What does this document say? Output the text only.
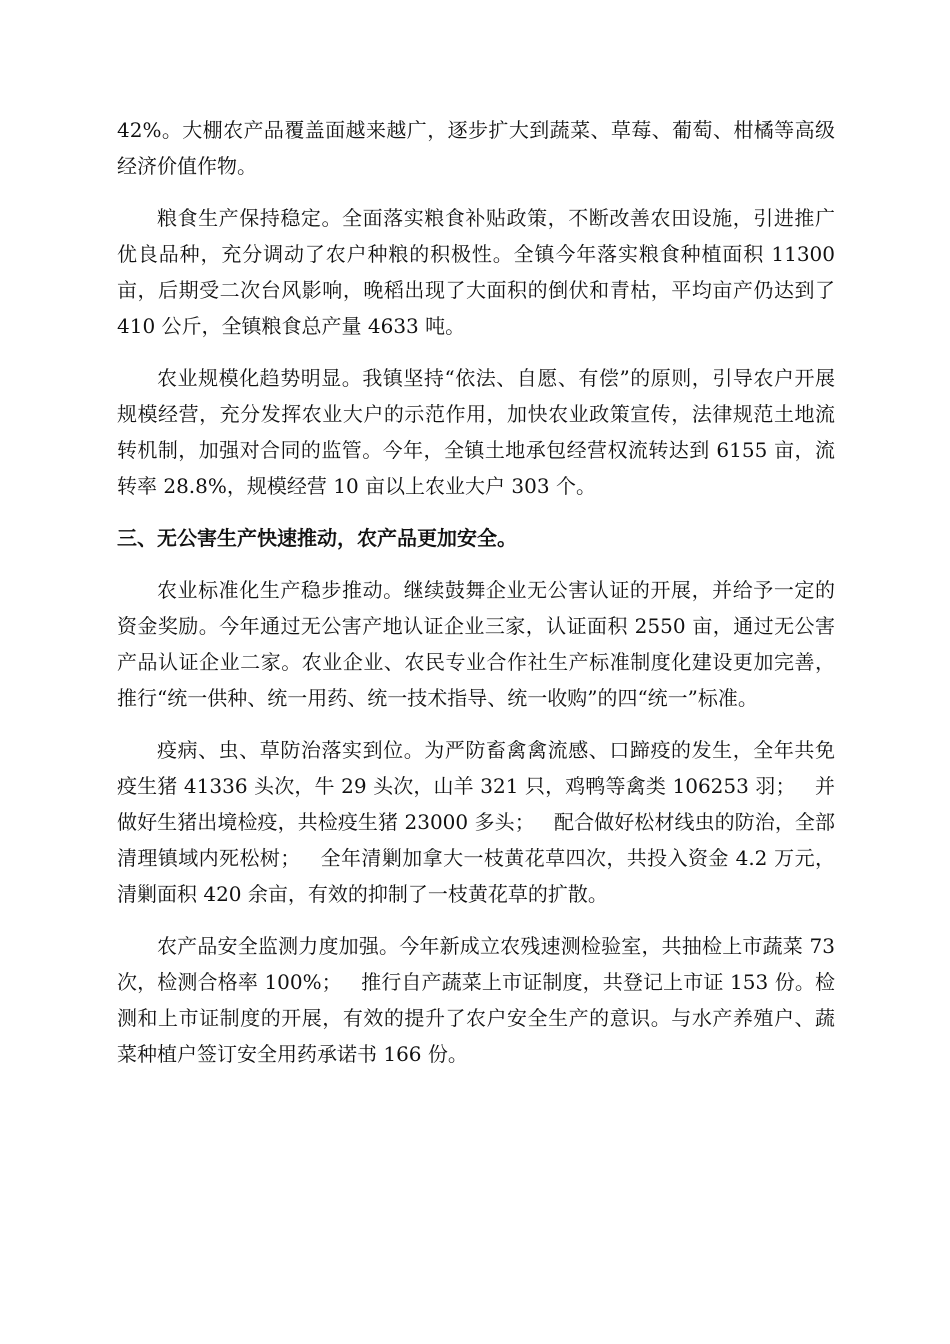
42%。大棚农产品覆盖面越来越广，逐步扩大到蔬菜、草莓、葡萄、柑橘等高级经济价值作物。

粮食生产保持稳定。全面落实粮食补贴政策，不断改善农田设施，引进推广优良品种，充分调动了农户种粮的积极性。全镇今年落实粮食种植面积 11300 亩，后期受二次台风影响，晚稻出现了大面积的倒伏和青枯，平均亩产仍达到了 410 公斤，全镇粮食总产量 4633 吨。

农业规模化趋势明显。我镇坚持“依法、自愿、有偿”的原则，引导农户开展规模经营，充分发挥农业大户的示范作用，加快农业政策宣传，法律规范土地流转机制，加强对合同的监管。今年，全镇土地承包经营权流转达到 6155 亩，流转率 28.8%，规模经营 10 亩以上农业大户 303 个。

三、无公害生产快速推动，农产品更加安全。

农业标准化生产稳步推动。继续鼓舞企业无公害认证的开展，并给予一定的资金奖励。今年通过无公害产地认证企业三家，认证面积 2550 亩，通过无公害产品认证企业二家。农业企业、农民专业合作社生产标准制度化建设更加完善，推行“统一供种、统一用药、统一技术指导、统一收购”的四“统一”标准。

疫病、虫、草防治落实到位。为严防畜禽禽流感、口蹄疫的发生，全年共免疫生猪 41336 头次，牛 29 头次，山羊 321 只，鸡鸭等禽类 106253 羽；   并做好生猪出境检疫，共检疫生猪 23000 多头；   配合做好松材线虫的防治，全部清理镇域内死松树；   全年清剿加拿大一枝黄花草四次，共投入资金 4.2 万元，清剿面积 420 余亩，有效的抑制了一枝黄花草的扩散。

农产品安全监测力度加强。今年新成立农残速测检验室，共抽检上市蔬菜 73 次，检测合格率 100%；   推行自产蔬菜上市证制度，共登记上市证 153 份。检测和上市证制度的开展，有效的提升了农户安全生产的意识。与水产养殖户、蔬菜种植户签订安全用药承诺书 166 份。
